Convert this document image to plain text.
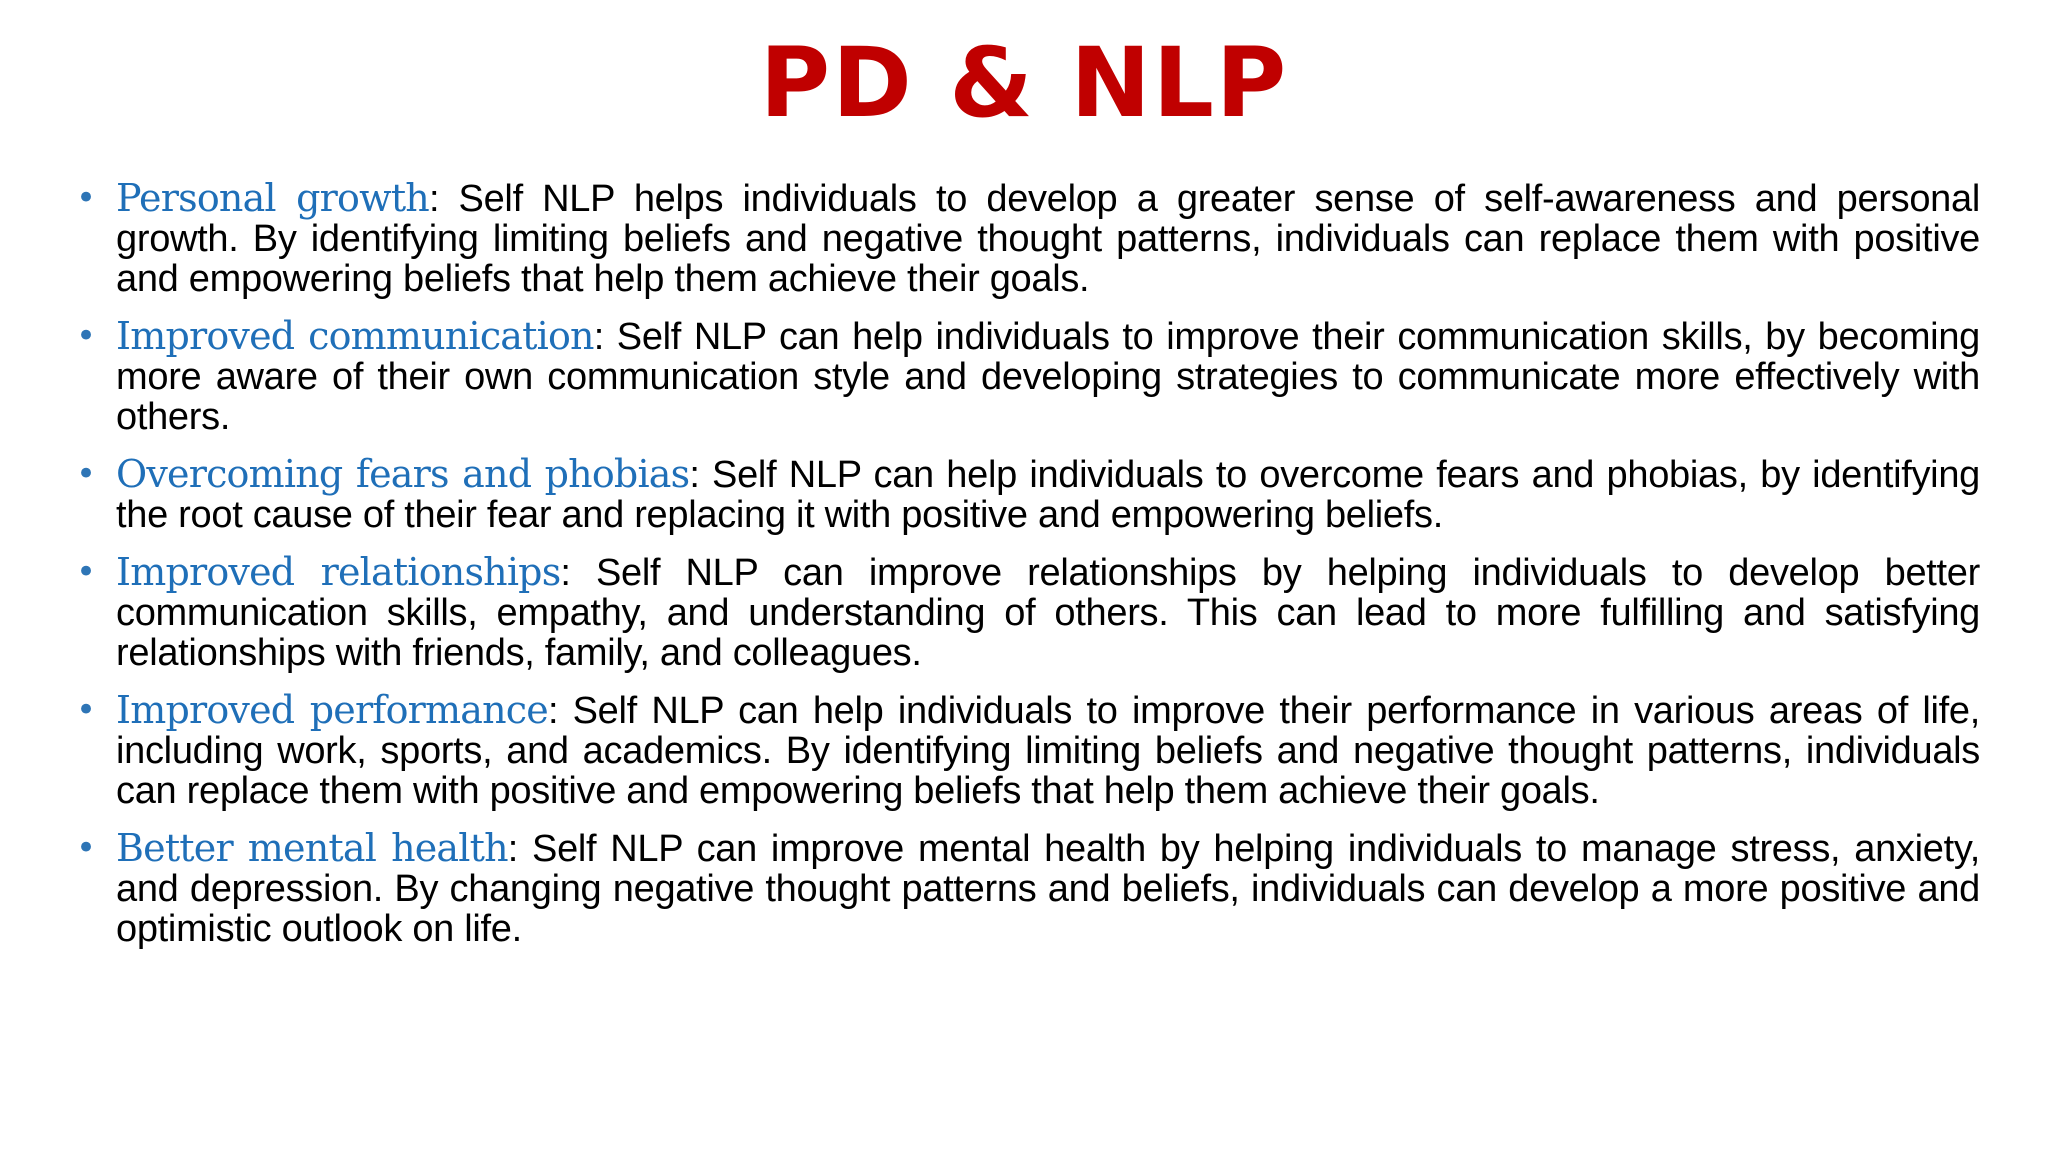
PD & NLP
• Personal growth: Self NLP helps individuals to develop a greater sense of self-awareness and personal growth. By identifying limiting beliefs and negative thought patterns, individuals can replace them with positive and empowering beliefs that help them achieve their goals.
• Improved communication: Self NLP can help individuals to improve their communication skills, by becoming more aware of their own communication style and developing strategies to communicate more effectively with others.
• Overcoming fears and phobias: Self NLP can help individuals to overcome fears and phobias, by identifying the root cause of their fear and replacing it with positive and empowering beliefs.
• Improved relationships: Self NLP can improve relationships by helping individuals to develop better communication skills, empathy, and understanding of others. This can lead to more fulfilling and satisfying relationships with friends, family, and colleagues.
• Improved performance: Self NLP can help individuals to improve their performance in various areas of life, including work, sports, and academics. By identifying limiting beliefs and negative thought patterns, individuals can replace them with positive and empowering beliefs that help them achieve their goals.
• Better mental health: Self NLP can improve mental health by helping individuals to manage stress, anxiety, and depression. By changing negative thought patterns and beliefs, individuals can develop a more positive and optimistic outlook on life.
